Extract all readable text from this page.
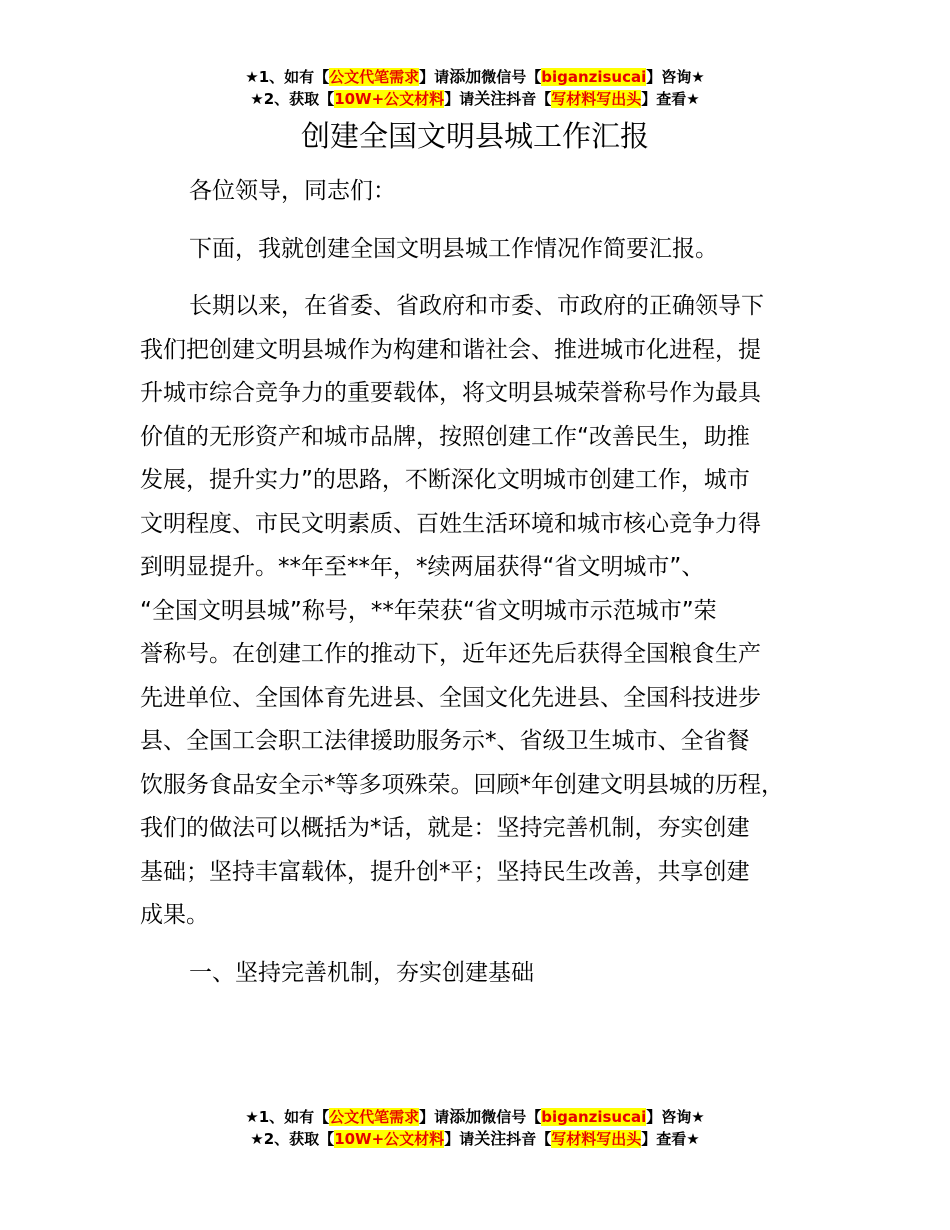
★1、如有【公文代笔需求】请添加微信号【biganzisucai】咨询★
★2、获取【10W+公文材料】请关注抖音【写材料写出头】查看★
创建全国文明县城工作汇报
各位领导，同志们：
下面，我就创建全国文明县城工作情况作简要汇报。
长期以来，在省委、省政府和市委、市政府的正确领导下
我们把创建文明县城作为构建和谐社会、推进城市化进程，提
升城市综合竞争力的重要载体，将文明县城荣誉称号作为最具
价值的无形资产和城市品牌，按照创建工作“改善民生，助推
发展，提升实力”的思路，不断深化文明城市创建工作，城市
文明程度、市民文明素质、百姓生活环境和城市核心竞争力得
到明显提升。**年至**年，*续两届获得“省文明城市”、
“全国文明县城”称号，**年荣获“省文明城市示范城市”荣
誉称号。在创建工作的推动下，近年还先后获得全国粮食生产
先进单位、全国体育先进县、全国文化先进县、全国科技进步
县、全国工会职工法律援助服务示*、省级卫生城市、全省餐
饮服务食品安全示*等多项殊荣。回顾*年创建文明县城的历程，
我们的做法可以概括为*话，就是：坚持完善机制，夯实创建
基础；坚持丰富载体，提升创*平；坚持民生改善，共享创建
成果。
一、坚持完善机制，夯实创建基础
★1、如有【公文代笔需求】请添加微信号【biganzisucai】咨询★
★2、获取【10W+公文材料】请关注抖音【写材料写出头】查看★
